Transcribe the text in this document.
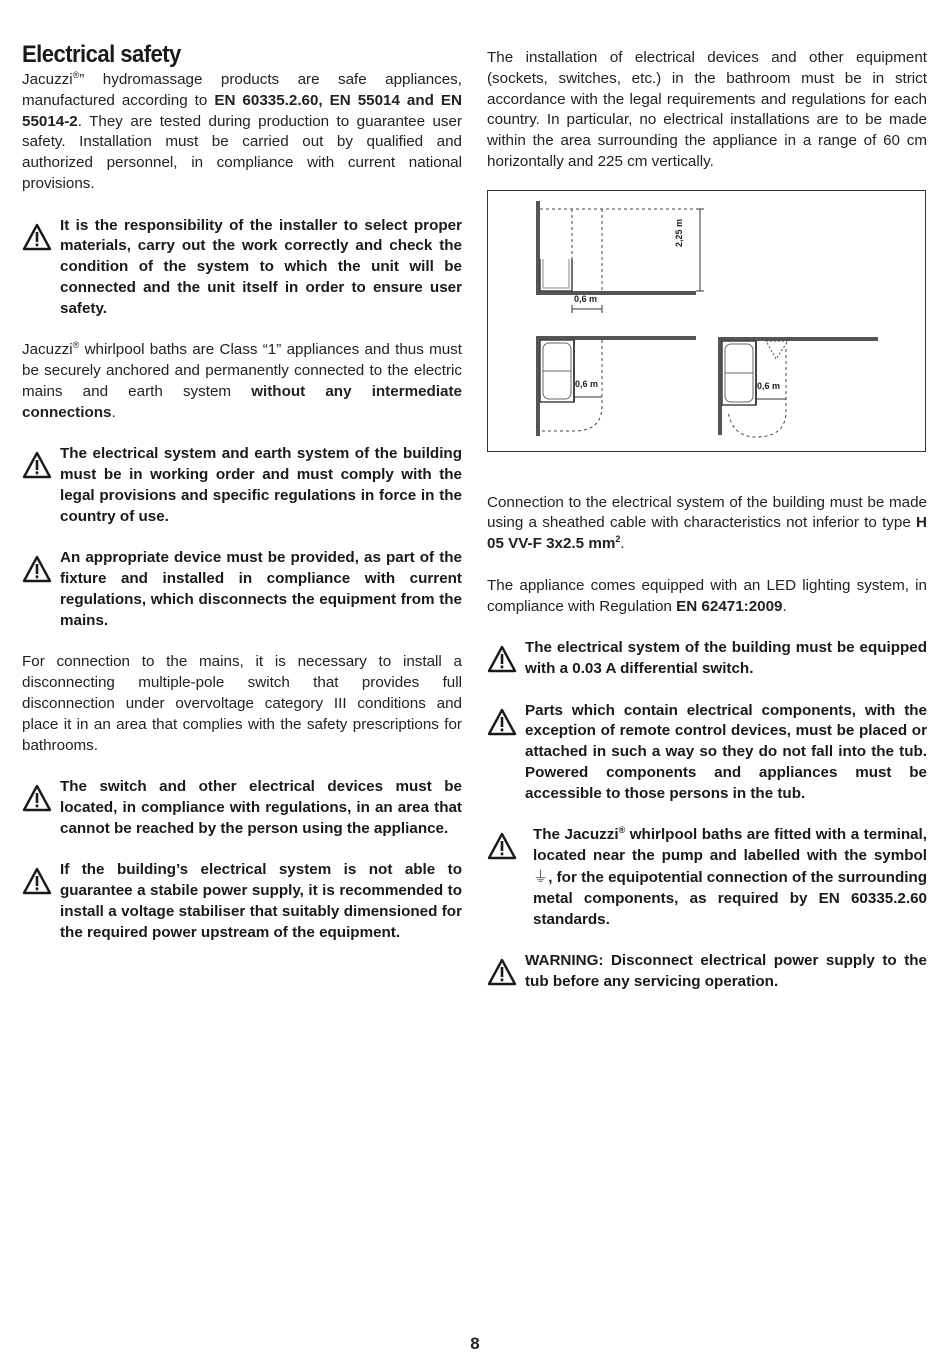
Electrical safety

Jacuzzi®” hydromassage products are safe appliances, manufactured according to EN 60335.2.60, EN 55014 and EN 55014-2. They are tested during production to guarantee user safety. Installation must be carried out by qualified and authorized personnel, in compliance with current national provisions.

It is the responsibility of the installer to select proper materials, carry out the work correctly and check the condition of the system to which the unit will be connected and the unit itself in order to ensure user safety.

Jacuzzi® whirlpool baths are Class “1” appliances and thus must be securely anchored and permanently connected to the electric mains and earth system without any intermediate connections.

The electrical system and earth system of the building must be in working order and must comply with the legal provisions and specific regulations in force in the country of use.
An appropriate device must be provided, as part of the fixture and installed in compliance with current regulations, which disconnects the equipment from the mains.

For connection to the mains, it is necessary to install a disconnecting multiple-pole switch that provides full disconnection under overvoltage category III conditions and place it in an area that complies with the safety prescriptions for bathrooms.

The switch and other electrical devices must be located, in compliance with regulations, in an area that cannot be reached by the person using the appliance.
If the building’s electrical system is not able to guarantee a stabile power supply, it is recommended to install a voltage stabiliser that suitably dimensioned for the required power upstream of the equipment.

The installation of electrical devices and other equipment (sockets, switches, etc.) in the bathroom must be in strict accordance with the legal requirements and regulations for each country. In particular, no electrical installations are to be made within the area surrounding the appliance in a range of 60 cm horizontally and 225 cm vertically.

2,25 m
0,6 m
0,6 m	0,6 m

Connection to the electrical system of the building must be made using a sheathed cable with characteristics not inferior to type H 05 VV-F 3x2.5 $mm^2$.

The appliance comes equipped with an LED lighting system, in compliance with Regulation EN 62471:2009.

The electrical system of the building must be equipped with a 0.03 A differential switch.
Parts which contain electrical components, with the exception of remote control devices, must be placed or attached in such a way so they do not fall into the tub. Powered components and appliances must be accessible to those persons in the tub.
The Jacuzzi® whirlpool baths are fitted with a terminal, located near the pump and labelled with the symbol ⏚, for the equipotential connection of the surrounding metal components, as required by EN 60335.2.60 standards.
WARNING: Disconnect electrical power supply to the tub before any servicing operation.
8
